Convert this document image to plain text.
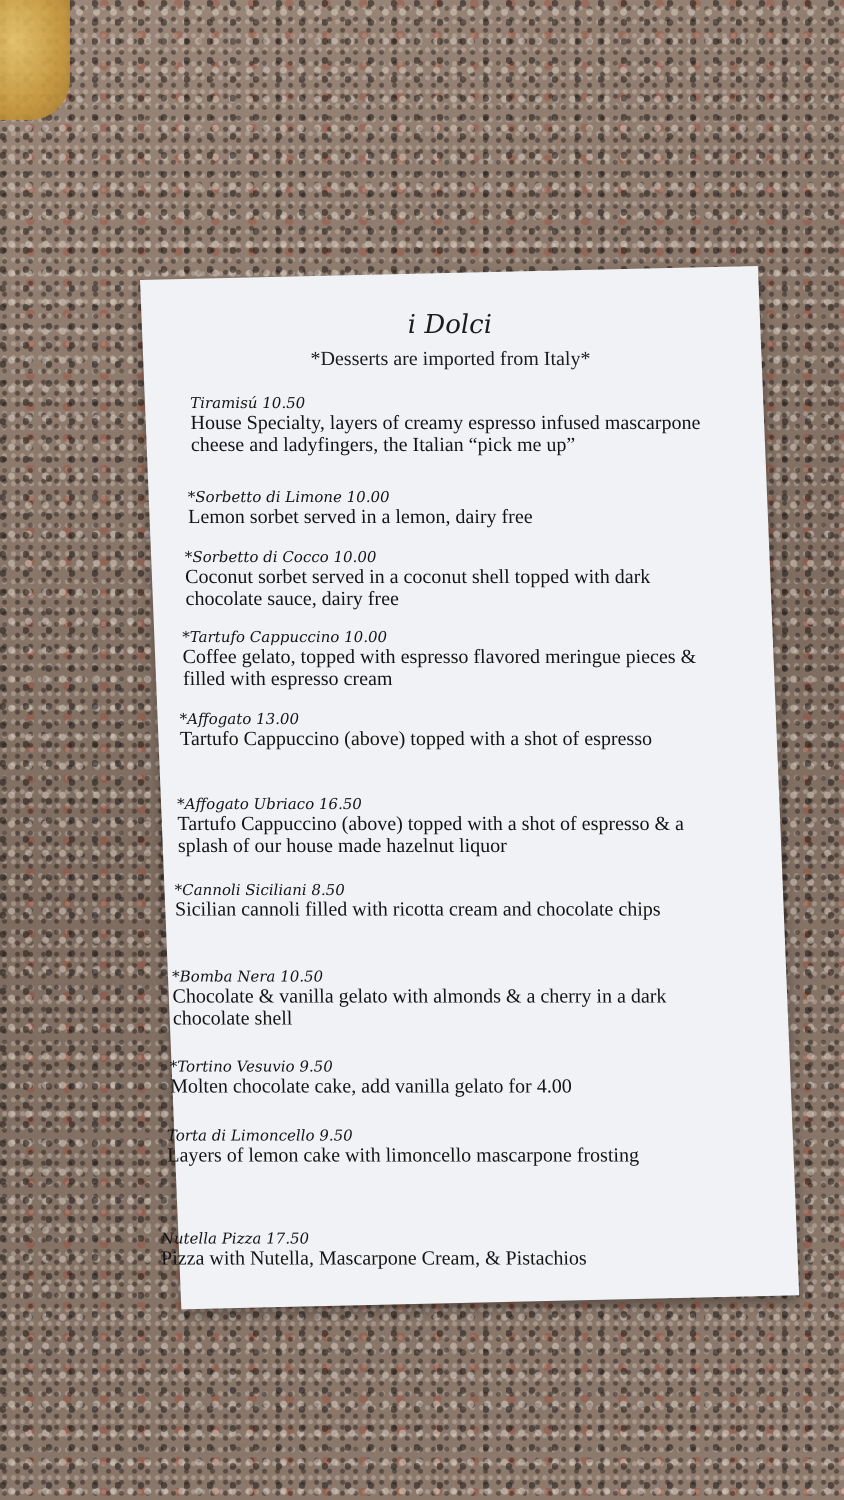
i Dolci
*Desserts are imported from Italy*
Tiramisú 10.50
House Specialty, layers of creamy espresso infused mascarpone cheese and ladyfingers, the Italian “pick me up”
*Sorbetto di Limone 10.00
Lemon sorbet served in a lemon, dairy free
*Sorbetto di Cocco 10.00
Coconut sorbet served in a coconut shell topped with dark chocolate sauce, dairy free
*Tartufo Cappuccino 10.00
Coffee gelato, topped with espresso flavored meringue pieces & filled with espresso cream
*Affogato 13.00
Tartufo Cappuccino (above) topped with a shot of espresso
*Affogato Ubriaco 16.50
Tartufo Cappuccino (above) topped with a shot of espresso & a splash of our house made hazelnut liquor
*Cannoli Siciliani 8.50
Sicilian cannoli filled with ricotta cream and chocolate chips
*Bomba Nera 10.50
Chocolate & vanilla gelato with almonds & a cherry in a dark chocolate shell
*Tortino Vesuvio 9.50
Molten chocolate cake, add vanilla gelato for 4.00
Torta di Limoncello 9.50
Layers of lemon cake with limoncello mascarpone frosting
Nutella Pizza 17.50
Pizza with Nutella, Mascarpone Cream, & Pistachios
